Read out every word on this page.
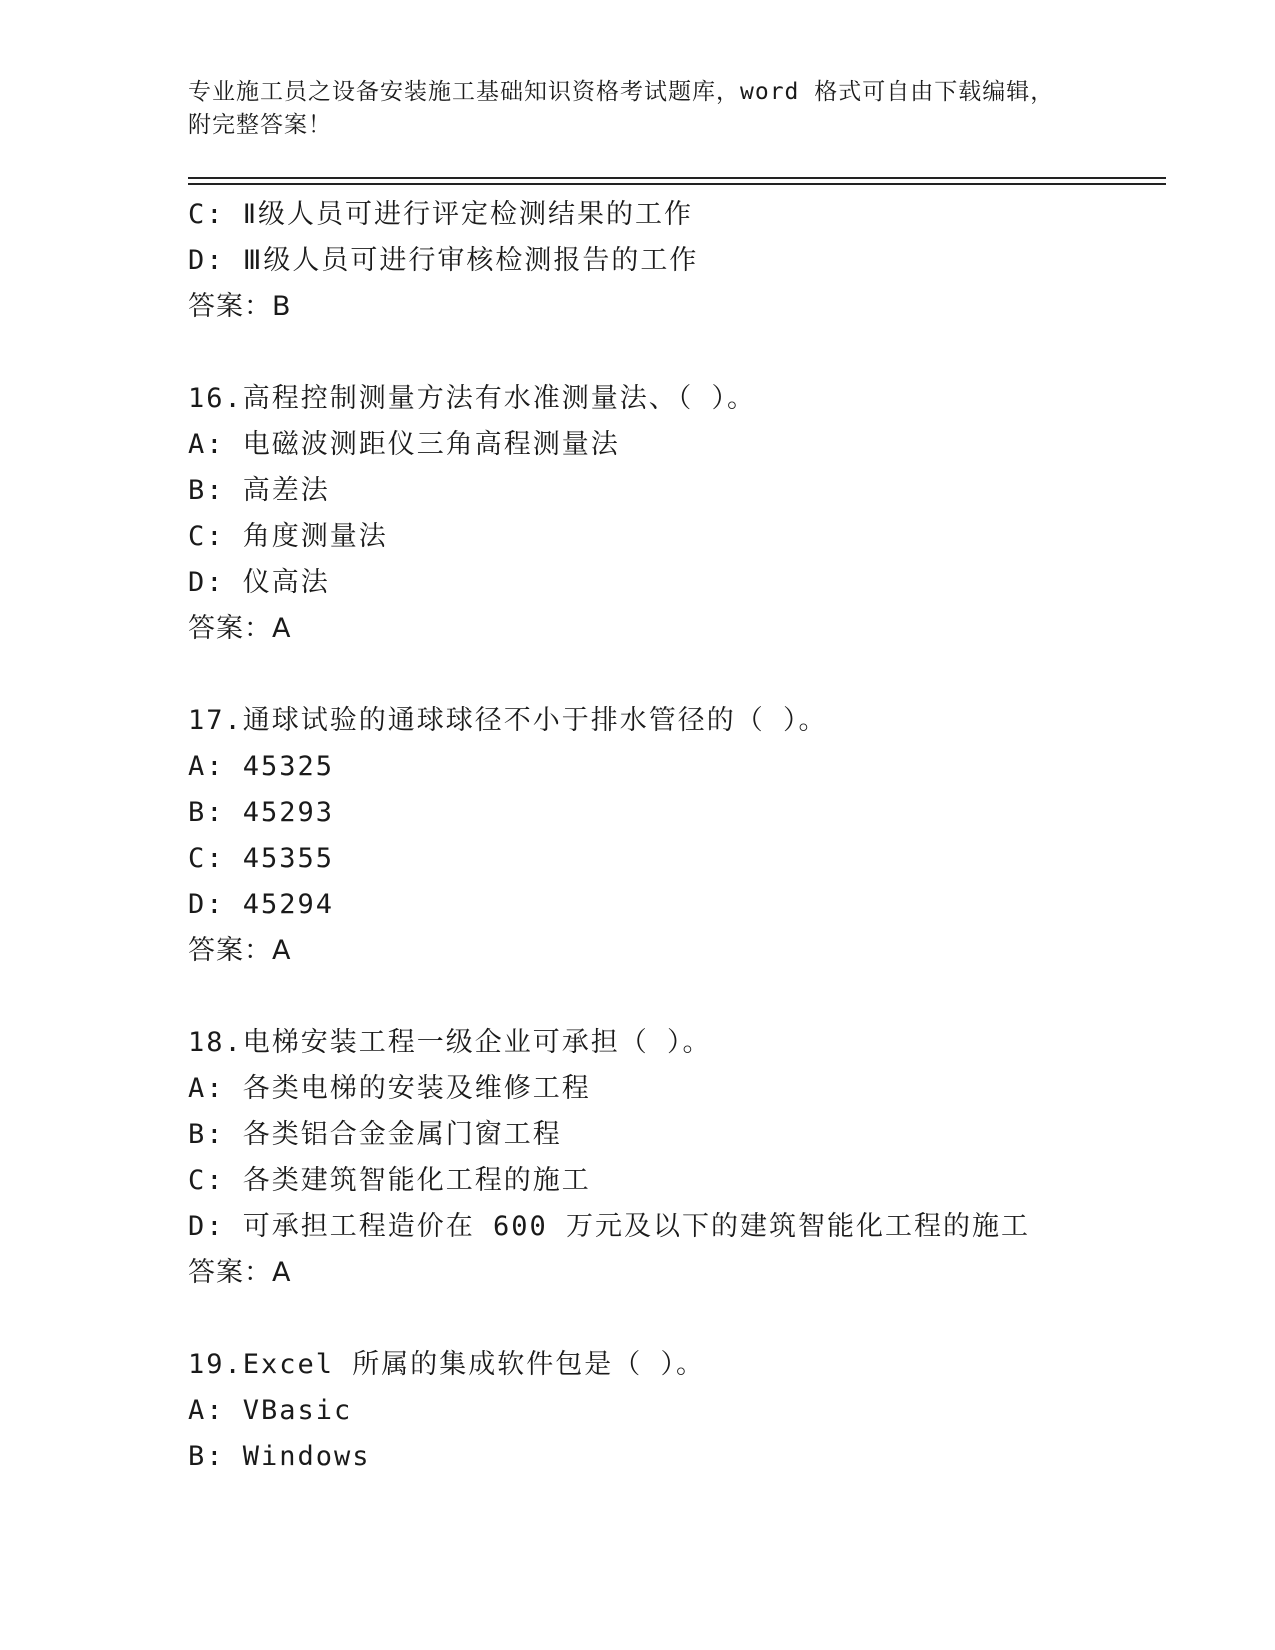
专业施工员之设备安装施工基础知识资格考试题库，word 格式可自由下载编辑，
附完整答案！
C: Ⅱ级人员可进行评定检测结果的工作
D: Ⅲ级人员可进行审核检测报告的工作
答案：B
16.高程控制测量方法有水准测量法、（ ）。
A: 电磁波测距仪三角高程测量法
B: 高差法
C: 角度测量法
D: 仪高法
答案：A
17.通球试验的通球球径不小于排水管径的（ ）。
A: 45325
B: 45293
C: 45355
D: 45294
答案：A
18.电梯安装工程一级企业可承担（ ）。
A: 各类电梯的安装及维修工程
B: 各类铝合金金属门窗工程
C: 各类建筑智能化工程的施工
D: 可承担工程造价在 600 万元及以下的建筑智能化工程的施工
答案：A
19.Excel 所属的集成软件包是（ ）。
A: VBasic
B: Windows
